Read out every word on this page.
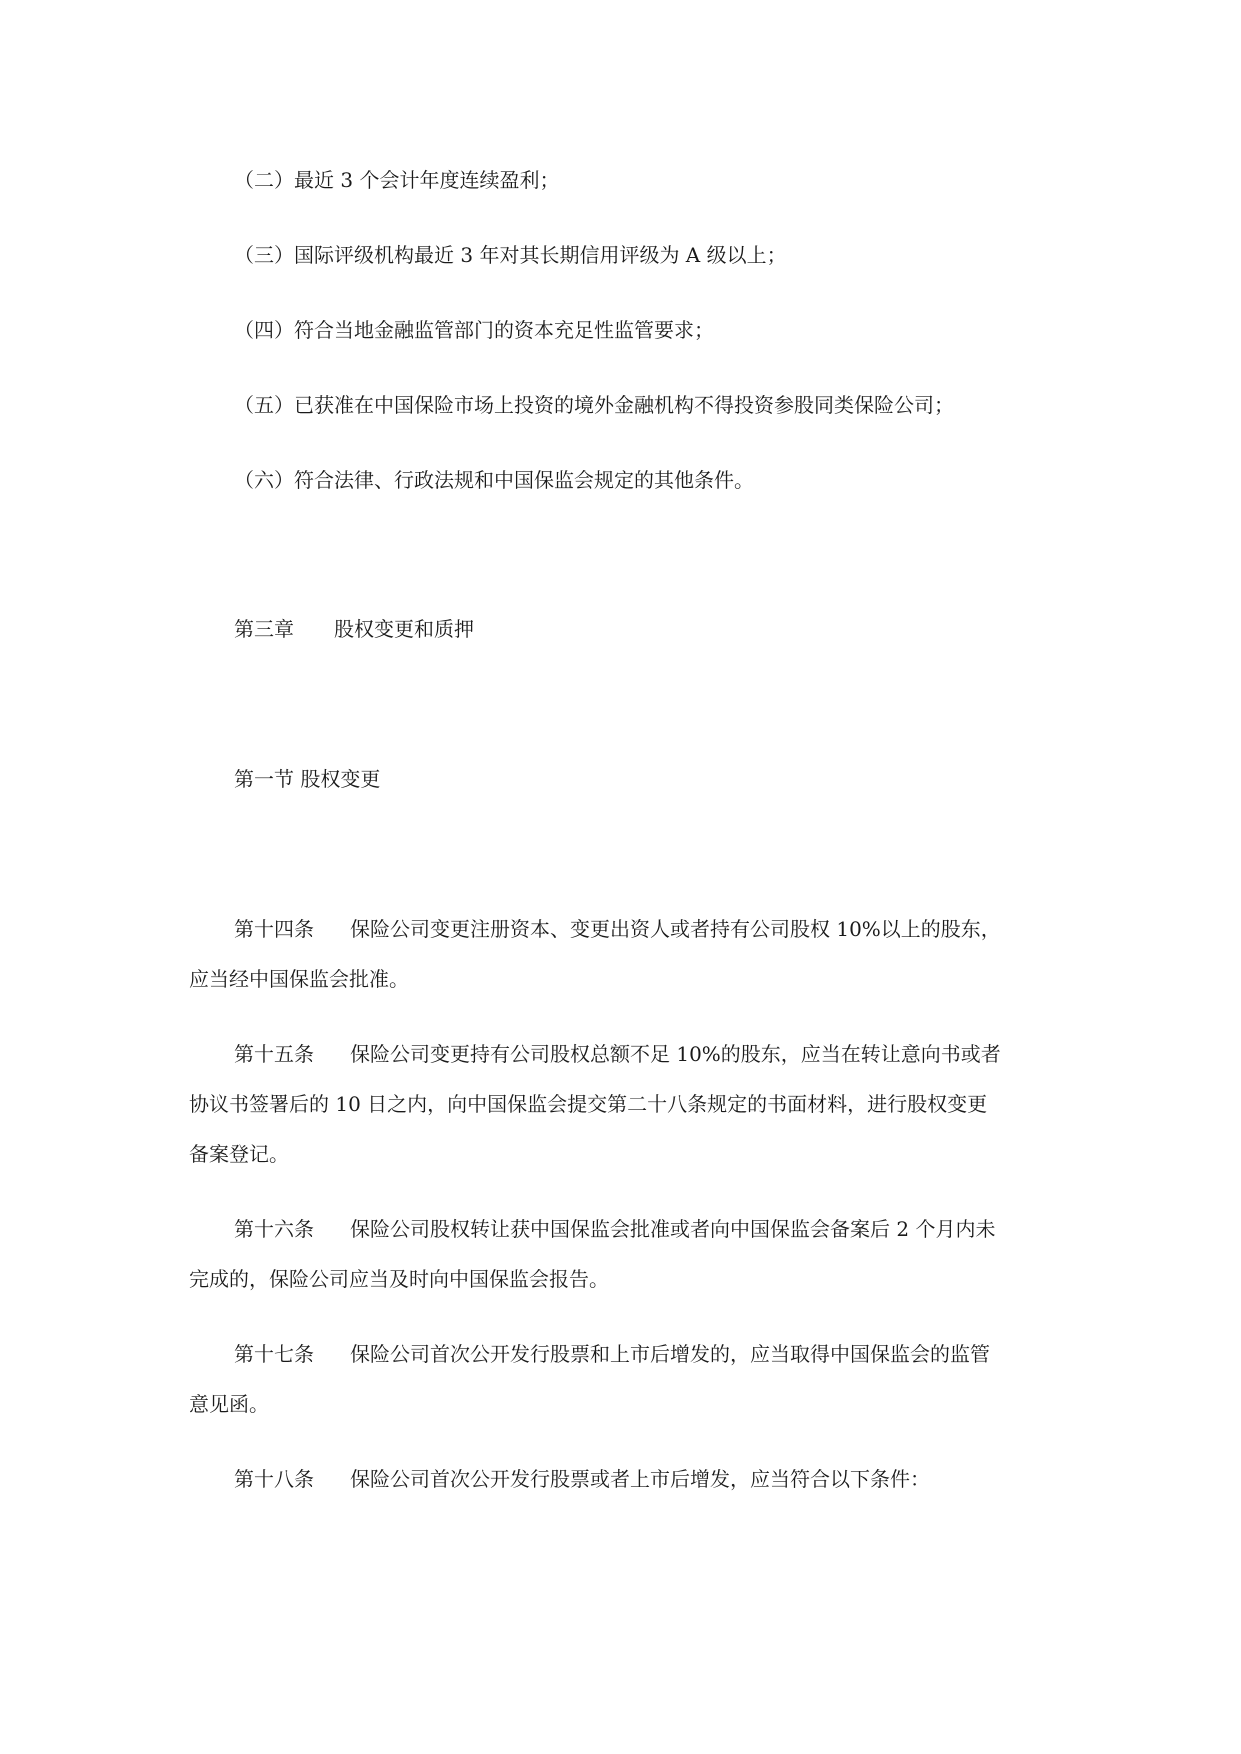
（二）最近 3 个会计年度连续盈利；
（三）国际评级机构最近 3 年对其长期信用评级为 A 级以上；
（四）符合当地金融监管部门的资本充足性监管要求；
（五）已获准在中国保险市场上投资的境外金融机构不得投资参股同类保险公司；
（六）符合法律、行政法规和中国保监会规定的其他条件。
第三章 股权变更和质押
第一节 股权变更
第十四条 保险公司变更注册资本、变更出资人或者持有公司股权 10%以上的股东，
应当经中国保监会批准。
第十五条 保险公司变更持有公司股权总额不足 10%的股东，应当在转让意向书或者
协议书签署后的 10 日之内，向中国保监会提交第二十八条规定的书面材料，进行股权变更
备案登记。
第十六条 保险公司股权转让获中国保监会批准或者向中国保监会备案后 2 个月内未
完成的，保险公司应当及时向中国保监会报告。
第十七条 保险公司首次公开发行股票和上市后增发的，应当取得中国保监会的监管
意见函。
第十八条 保险公司首次公开发行股票或者上市后增发，应当符合以下条件：
